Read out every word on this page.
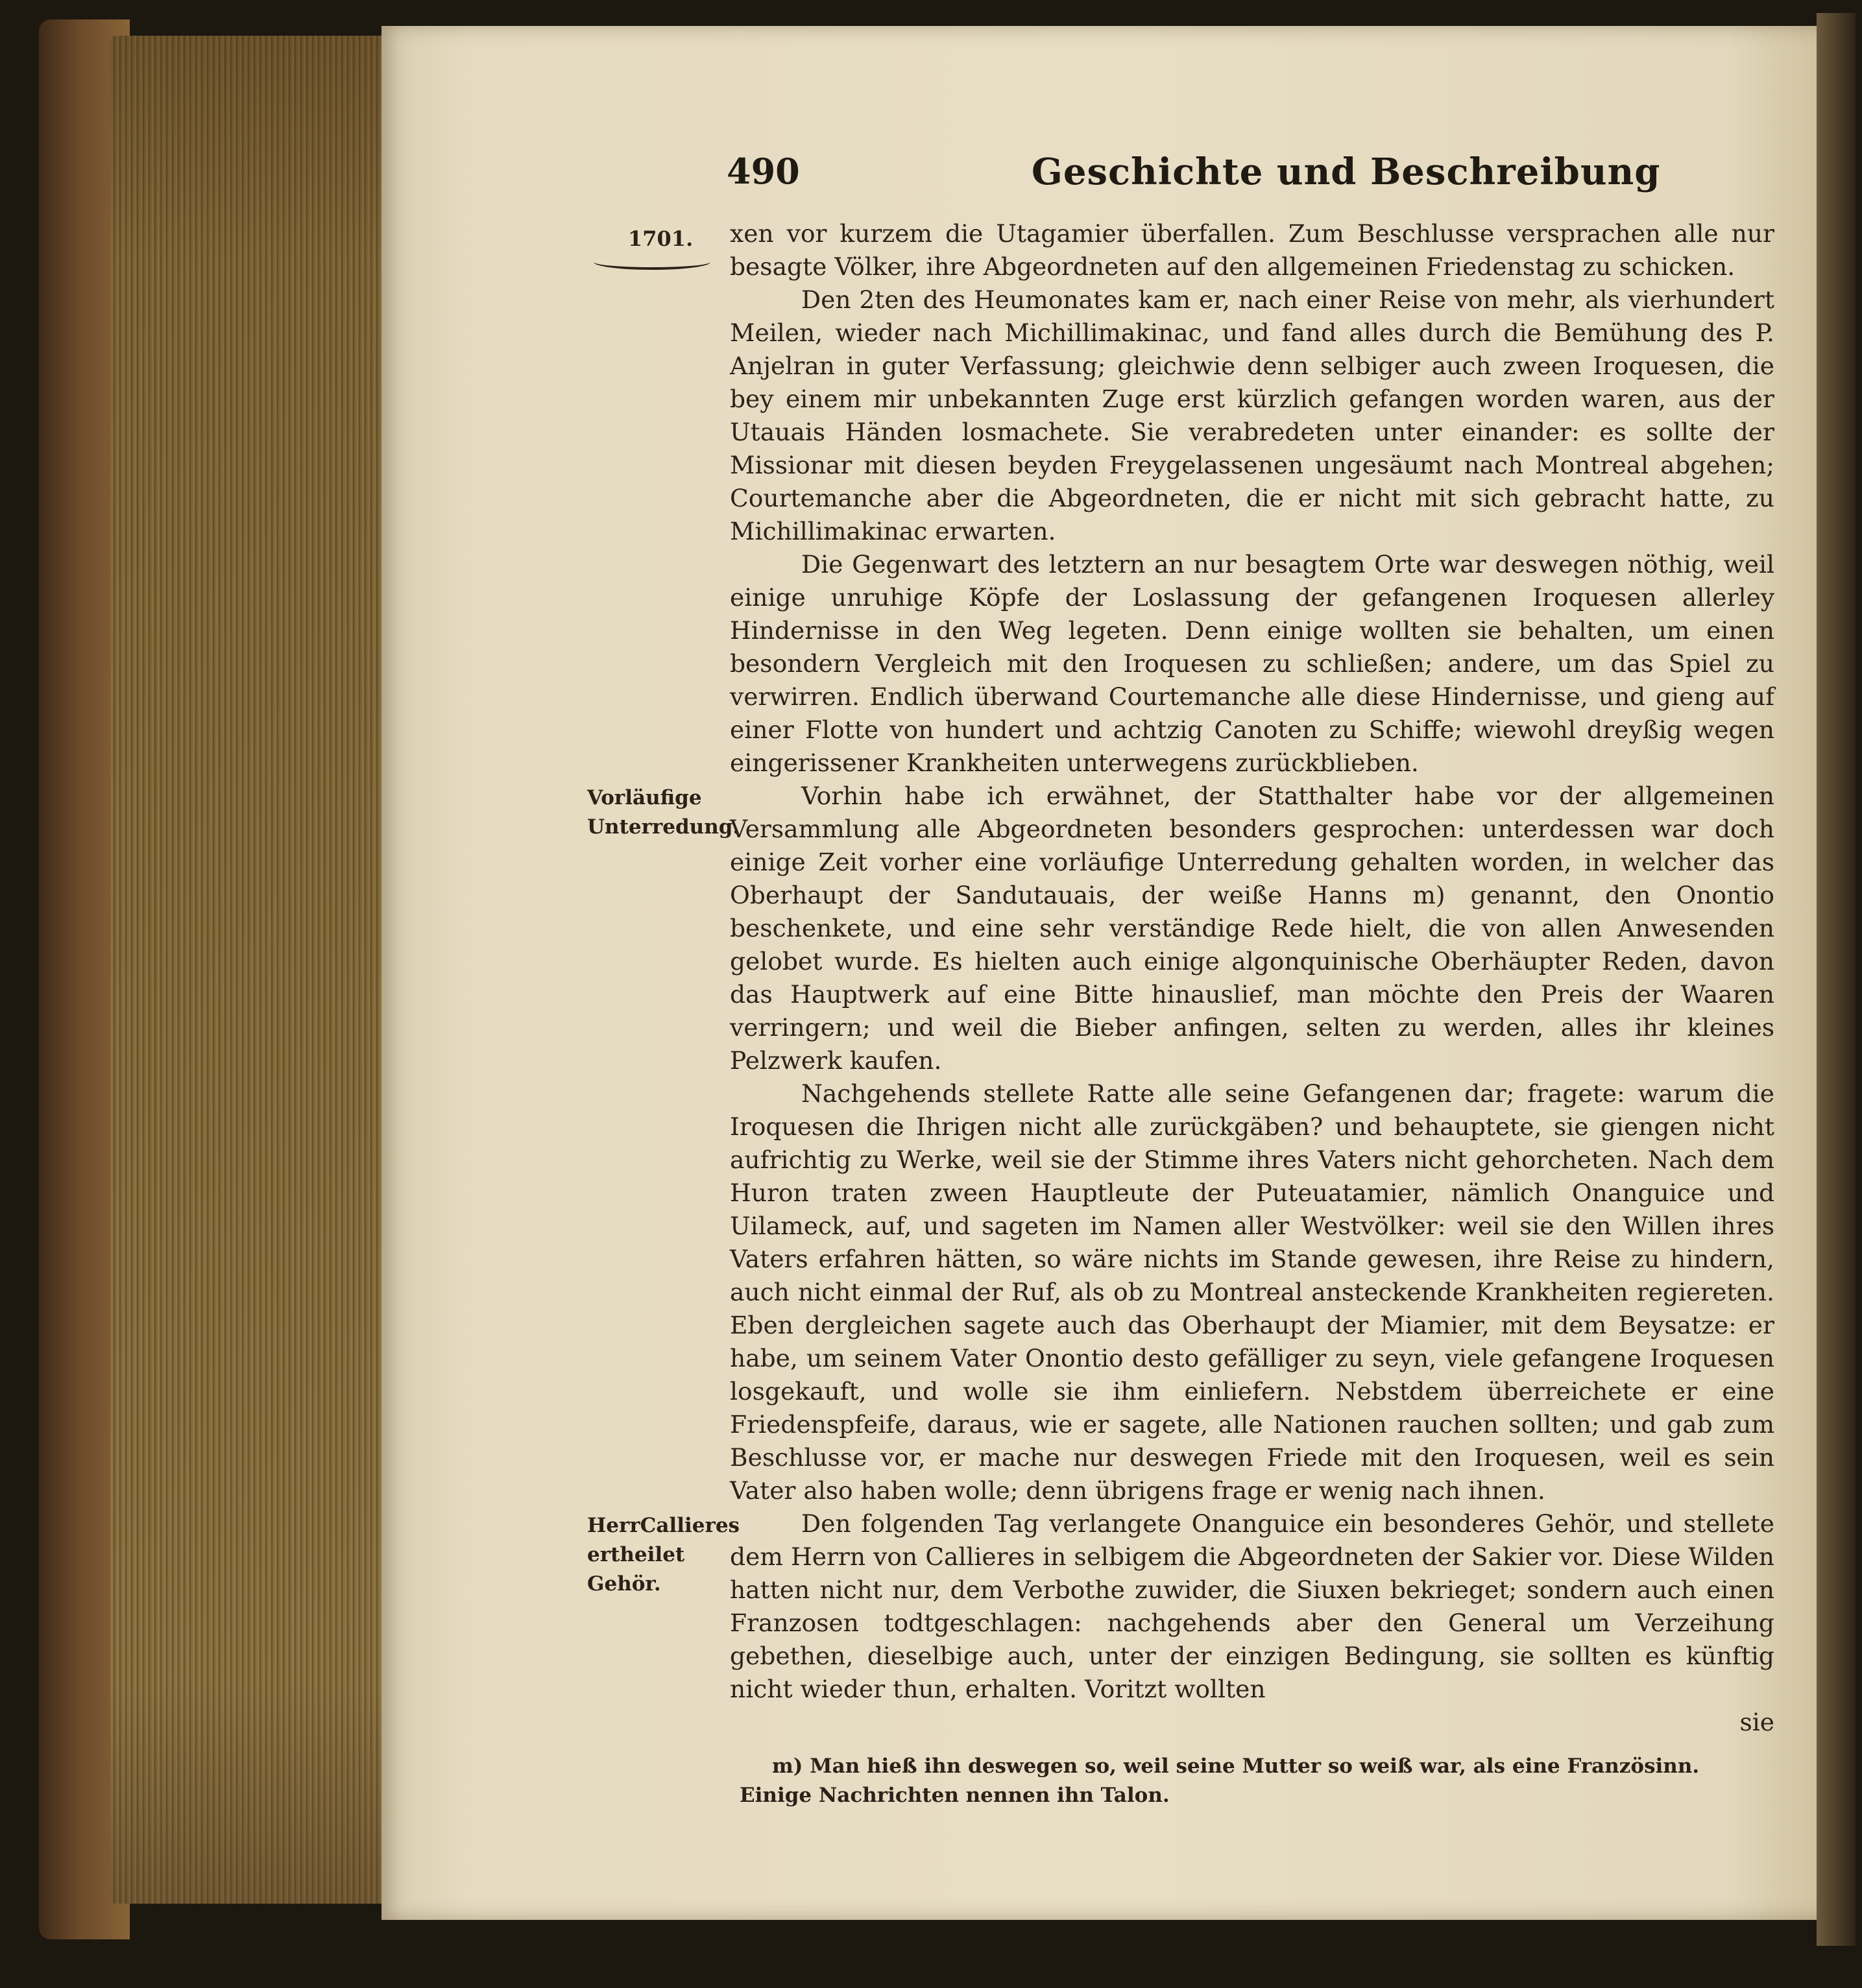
490	Geschichte und Beschreibung
1701.	xen vor kurzem die Utagamier überfallen. Zum Beschlusse versprachen alle nur besagte Völker, ihre Abgeordneten auf den allgemeinen Friedenstag zu schicken.

Den 2ten des Heumonates kam er, nach einer Reise von mehr, als vierhundert Meilen, wieder nach Michillimakinac, und fand alles durch die Bemühung des P. Anjelran in guter Verfassung; gleichwie denn selbiger auch zween Iroquesen, die bey einem mir unbekannten Zuge erst kürzlich gefangen worden waren, aus der Utauais Händen losmachete. Sie verabredeten unter einander: es sollte der Missionar mit diesen beyden Freygelassenen ungesäumt nach Montreal abgehen; Courtemanche aber die Abgeordneten, die er nicht mit sich gebracht hatte, zu Michillimakinac erwarten.

Die Gegenwart des letztern an nur besagtem Orte war deswegen nöthig, weil einige unruhige Köpfe der Loslassung der gefangenen Iroquesen allerley Hindernisse in den Weg legeten. Denn einige wollten sie behalten, um einen besondern Vergleich mit den Iroquesen zu schließen; andere, um das Spiel zu verwirren. Endlich überwand Courtemanche alle diese Hindernisse, und gieng auf einer Flotte von hundert und achtzig Canoten zu Schiffe; wiewohl dreyßig wegen eingerissener Krankheiten unterwegens zurückblieben.

Vorhin habe ich erwähnet, der Statthalter habe vor der allgemeinen Versammlung alle Abgeordneten besonders gesprochen: unterdessen war doch einige Zeit vorher eine vorläufige Unterredung gehalten worden, in welcher das Oberhaupt der Sandutauais, der weiße Hanns m) genannt, den Onontio beschenkete, und eine sehr verständige Rede hielt, die von allen Anwesenden gelobet wurde. Es hielten auch einige algonquinische Oberhäupter Reden, davon das Hauptwerk auf eine Bitte hinauslief, man möchte den Preis der Waaren verringern; und weil die Bieber anfingen, selten zu werden, alles ihr kleines Pelzwerk kaufen.

Nachgehends stellete Ratte alle seine Gefangenen dar; fragete: warum die Iroquesen die Ihrigen nicht alle zurückgäben? und behauptete, sie giengen nicht aufrichtig zu Werke, weil sie der Stimme ihres Vaters nicht gehorcheten. Nach dem Huron traten zween Hauptleute der Puteuatamier, nämlich Onanguice und Uilameck, auf, und sageten im Namen aller Westvölker: weil sie den Willen ihres Vaters erfahren hätten, so wäre nichts im Stande gewesen, ihre Reise zu hindern, auch nicht einmal der Ruf, als ob zu Montreal ansteckende Krankheiten regiereten. Eben dergleichen sagete auch das Oberhaupt der Miamier, mit dem Beysatze: er habe, um seinem Vater Onontio desto gefälliger zu seyn, viele gefangene Iroquesen losgekauft, und wolle sie ihm einliefern. Nebstdem überreichete er eine Friedenspfeife, daraus, wie er sagete, alle Nationen rauchen sollten; und gab zum Beschlusse vor, er mache nur deswegen Friede mit den Iroquesen, weil es sein Vater also haben wolle; denn übrigens frage er wenig nach ihnen.

Den folgenden Tag verlangete Onanguice ein besonderes Gehör, und stellete dem Herrn von Callieres in selbigem die Abgeordneten der Sakier vor. Diese Wilden hatten nicht nur, dem Verbothe zuwider, die Siuxen bekrieget; sondern auch einen Franzosen todtgeschlagen: nachgehends aber den General um Verzeihung gebethen, dieselbige auch, unter der einzigen Bedingung, sie sollten es künftig nicht wieder thun, erhalten. Voritzt wollten

sie

Vorläufige Unterredung.
HerrCallieres ertheilet Gehör.
m) Man hieß ihn deswegen so, weil seine Mutter so weiß war, als eine Französinn. Einige Nachrichten nennen ihn Talon.
